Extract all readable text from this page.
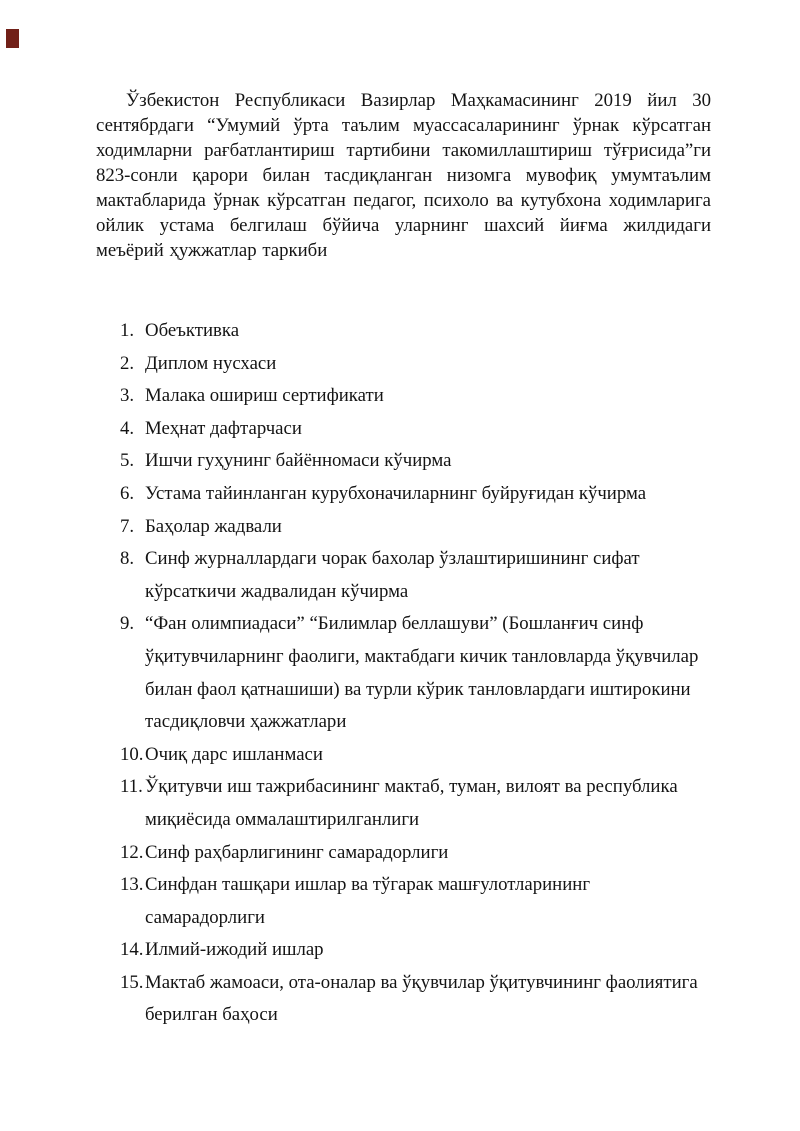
Ўзбекистон Республикаси Вазирлар Маҳкамасининг 2019 йил 30 сентябрдаги “Умумий ўрта таълим муассасаларининг ўрнак кўрсатган ходимларни рағбатлантириш тартибини такомиллаштириш тўғрисида”ги 823-сонли қарори билан тасдиқланган низомга мувофиқ умумтаълим мактабларида ўрнак кўрсатган педагог, психоло ва кутубхона ходимларига ойлик устама белгилаш бўйича уларнинг шахсий йиғма жилдидаги меъёрий ҳужжатлар таркиби

1. Обеъктивка
2. Диплом нусхаси
3. Малака ошириш сертификати
4. Меҳнат дафтарчаси
5. Ишчи гуҳунинг байённомаси кўчирма
6. Устама тайинланган курубхоначиларнинг буйруғидан кўчирма
7. Баҳолар жадвали
8. Синф журналлардаги чорак бахолар ўзлаштиришининг сифат кўрсаткичи жадвалидан кўчирма
9. “Фан олимпиадаси” “Билимлар беллашуви” (Бошланғич синф ўқитувчиларнинг фаолиги, мактабдаги кичик танловларда ўқувчилар билан фаол қатнашиши) ва турли кўрик танловлардаги иштирокини тасдиқловчи ҳажжатлари
10. Очиқ дарс ишланмаси
11. Ўқитувчи иш тажрибасининг мактаб, туман, вилоят ва республика миқиёсида оммалаштирилганлиги
12. Синф раҳбарлигининг самарадорлиги
13. Синфдан ташқари ишлар ва тўгарак машғулотларининг самарадорлиги
14. Илмий-ижодий ишлар
15. Мактаб жамоаси, ота-оналар ва ўқувчилар ўқитувчининг фаолиятига берилган баҳоси
